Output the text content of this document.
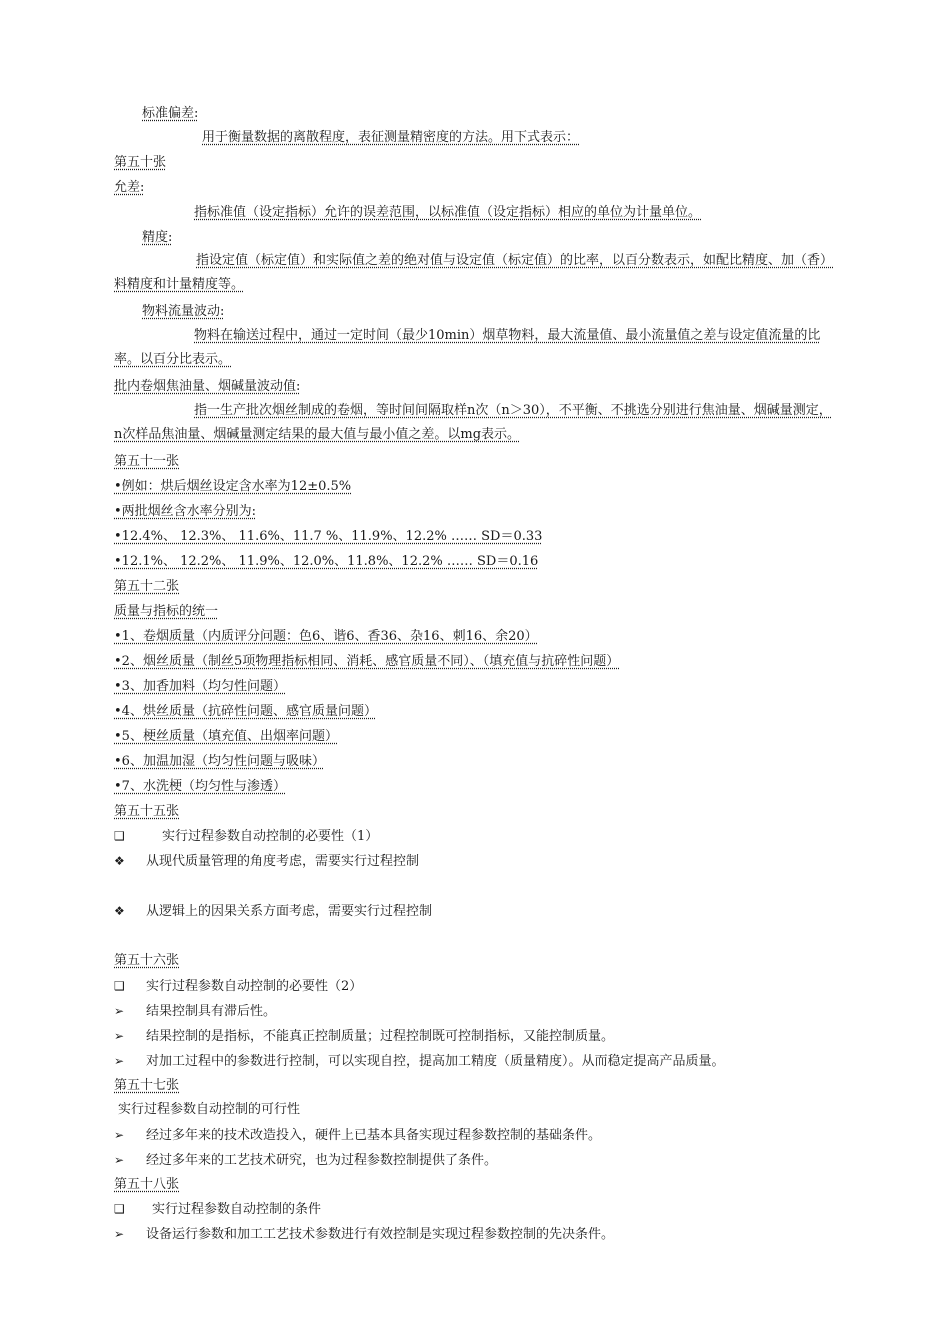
标准偏差:
用于衡量数据的离散程度，表征测量精密度的方法。用下式表示：
第五十张
允差:
指标准值（设定指标）允许的误差范围，以标准值（设定指标）相应的单位为计量单位。
精度:
指设定值（标定值）和实际值之差的绝对值与设定值（标定值）的比率，以百分数表示，如配比精度、加（香）料精度和计量精度等。
物料流量波动:
物料在输送过程中，通过一定时间（最少10min）烟草物料，最大流量值、最小流量值之差与设定值流量的比率。以百分比表示。
批内卷烟焦油量、烟碱量波动值:
指一生产批次烟丝制成的卷烟，等时间间隔取样n次（n＞30），不平衡、不挑选分别进行焦油量、烟碱量测定，n次样品焦油量、烟碱量测定结果的最大值与最小值之差。以mg表示。
第五十一张
•例如：烘后烟丝设定含水率为12±0.5%
•两批烟丝含水率分别为:
•12.4%、 12.3%、 11.6%、11.7 %、11.9%、12.2% …… SD＝0.33
•12.1%、 12.2%、 11.9%、12.0%、11.8%、12.2% …… SD＝0.16
第五十二张
质量与指标的统一
•1、卷烟质量（内质评分问题：色6、谐6、香36、杂16、刺16、余20）
•2、烟丝质量（制丝5项物理指标相同、消耗、感官质量不同）、（填充值与抗碎性问题）
•3、加香加料（均匀性问题）
•4、烘丝质量（抗碎性问题、感官质量问题）
•5、梗丝质量（填充值、出烟率问题）
•6、加温加湿（均匀性问题与吸味）
•7、水洗梗（均匀性与渗透）
第五十五张
❑	实行过程参数自动控制的必要性（1）
❖ 从现代质量管理的角度考虑，需要实行过程控制
❖ 从逻辑上的因果关系方面考虑，需要实行过程控制
第五十六张
❑ 实行过程参数自动控制的必要性（2）
➢ 结果控制具有滞后性。
➢ 结果控制的是指标，不能真正控制质量；过程控制既可控制指标，又能控制质量。
➢ 对加工过程中的参数进行控制，可以实现自控，提高加工精度（质量精度）。从而稳定提高产品质量。
第五十七张
实行过程参数自动控制的可行性
➢ 经过多年来的技术改造投入，硬件上已基本具备实现过程参数控制的基础条件。
➢ 经过多年来的工艺技术研究，也为过程参数控制提供了条件。
第五十八张
❑ 实行过程参数自动控制的条件
➢ 设备运行参数和加工工艺技术参数进行有效控制是实现过程参数控制的先决条件。
